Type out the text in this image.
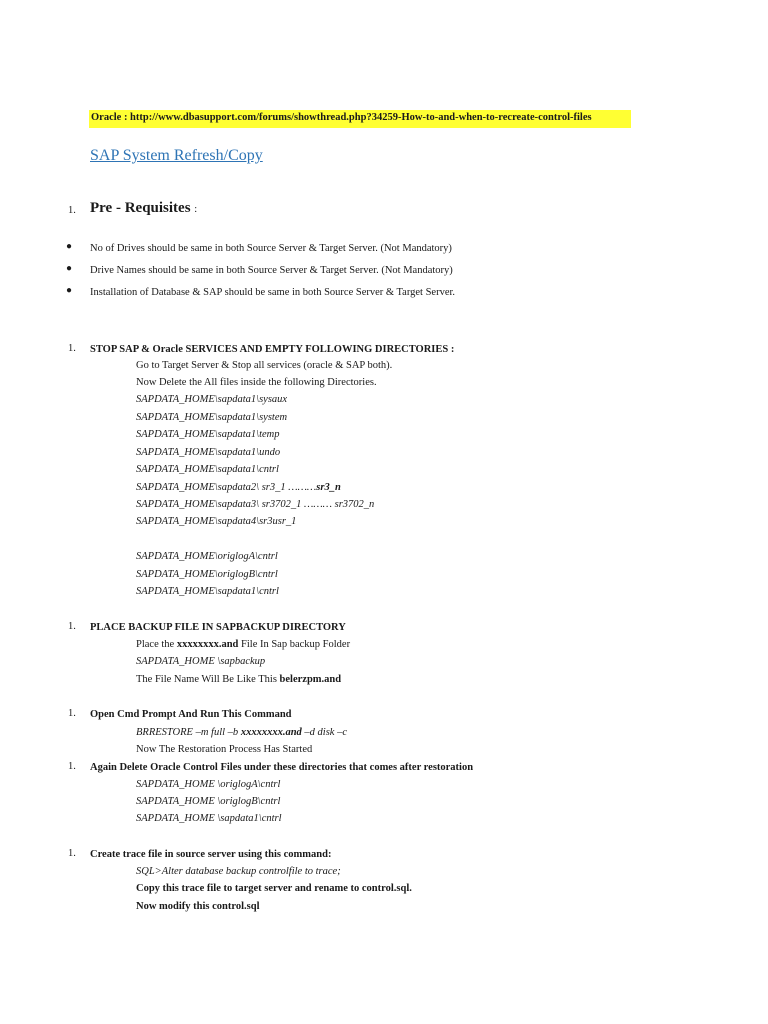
Oracle : http://www.dbasupport.com/forums/showthread.php?34259-How-to-and-when-to-recreate-control-files
SAP System Refresh/Copy
1. Pre - Requisites :
● No of Drives should be same in both Source Server & Target Server. (Not Mandatory)
● Drive Names should be same in both Source Server & Target Server. (Not Mandatory)
● Installation of Database & SAP should be same in both Source Server & Target Server.
1. STOP SAP & Oracle SERVICES AND EMPTY FOLLOWING DIRECTORIES :
Go to Target Server & Stop all services (oracle & SAP both).
Now Delete the All files inside the following Directories.
SAPDATA_HOME\sapdata1\sysaux
SAPDATA_HOME\sapdata1\system
SAPDATA_HOME\sapdata1\temp
SAPDATA_HOME\sapdata1\undo
SAPDATA_HOME\sapdata1\cntrl
SAPDATA_HOME\sapdata2\ sr3_1 ………sr3_n
SAPDATA_HOME\sapdata3\ sr3702_1 ……… sr3702_n
SAPDATA_HOME\sapdata4\sr3usr_1
SAPDATA_HOME\origlogA\cntrl
SAPDATA_HOME\origlogB\cntrl
SAPDATA_HOME\sapdata1\cntrl
1. PLACE BACKUP FILE IN SAPBACKUP DIRECTORY
Place the xxxxxxxx.and File In Sap backup Folder
SAPDATA_HOME \sapbackup
The File Name Will Be Like This belerzpm.and
1. Open Cmd Prompt And Run This Command
BRRESTORE –m full –b xxxxxxxx.and –d disk –c
Now The Restoration Process Has Started
1. Again Delete Oracle Control Files under these directories that comes after restoration
SAPDATA_HOME \origlogA\cntrl
SAPDATA_HOME \origlogB\cntrl
SAPDATA_HOME \sapdata1\cntrl
1. Create trace file in source server using this command:
SQL>Alter database backup controlfile to trace;
Copy this trace file to target server and rename to control.sql.
Now modify this control.sql
